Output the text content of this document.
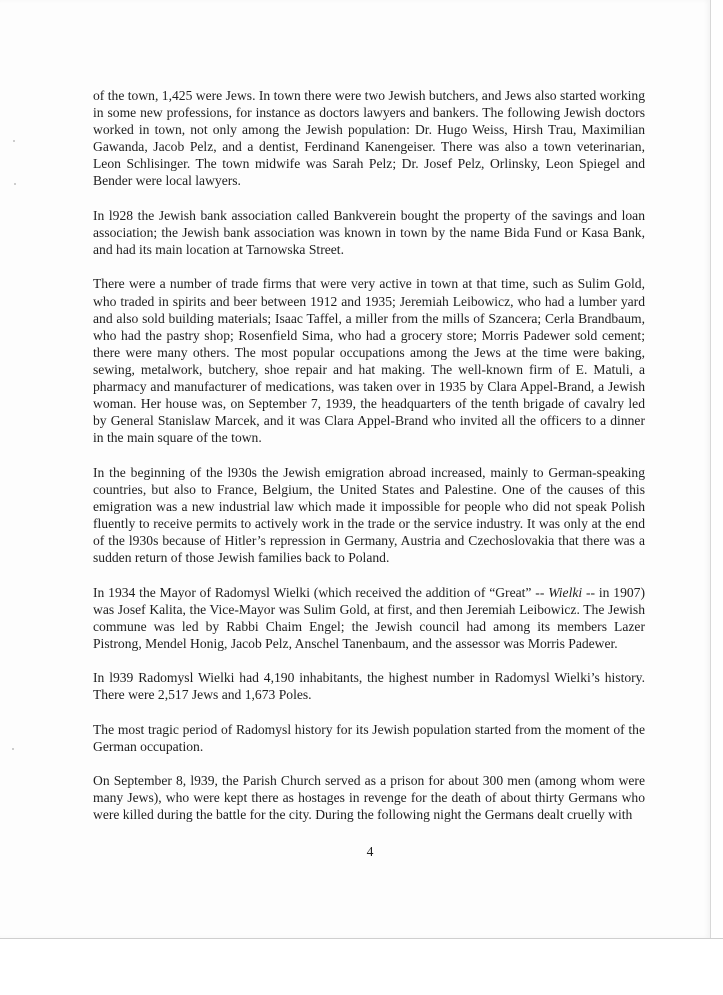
of the town, 1,425 were Jews. In town there were two Jewish butchers, and Jews also started working in some new professions, for instance as doctors lawyers and bankers. The following Jewish doctors worked in town, not only among the Jewish population: Dr. Hugo Weiss, Hirsh Trau, Maximilian Gawanda, Jacob Pelz, and a dentist, Ferdinand Kanengeiser. There was also a town veterinarian, Leon Schlisinger. The town midwife was Sarah Pelz; Dr. Josef Pelz, Orlinsky, Leon Spiegel and Bender were local lawyers.

In l928 the Jewish bank association called Bankverein bought the property of the savings and loan association; the Jewish bank association was known in town by the name Bida Fund or Kasa Bank, and had its main location at Tarnowska Street.

There were a number of trade firms that were very active in town at that time, such as Sulim Gold, who traded in spirits and beer between 1912 and 1935; Jeremiah Leibowicz, who had a lumber yard and also sold building materials; Isaac Taffel, a miller from the mills of Szancera; Cerla Brandbaum, who had the pastry shop; Rosenfield Sima, who had a grocery store; Morris Padewer sold cement; there were many others. The most popular occupations among the Jews at the time were baking, sewing, metalwork, butchery, shoe repair and hat making. The well-known firm of E. Matuli, a pharmacy and manufacturer of medications, was taken over in 1935 by Clara Appel-Brand, a Jewish woman. Her house was, on September 7, 1939, the headquarters of the tenth brigade of cavalry led by General Stanislaw Marcek, and it was Clara Appel-Brand who invited all the officers to a dinner in the main square of the town.

In the beginning of the l930s the Jewish emigration abroad increased, mainly to German-speaking countries, but also to France, Belgium, the United States and Palestine. One of the causes of this emigration was a new industrial law which made it impossible for people who did not speak Polish fluently to receive permits to actively work in the trade or the service industry. It was only at the end of the l930s because of Hitler’s repression in Germany, Austria and Czechoslovakia that there was a sudden return of those Jewish families back to Poland.

In 1934 the Mayor of Radomysl Wielki (which received the addition of “Great” -- Wielki -- in 1907) was Josef Kalita, the Vice-Mayor was Sulim Gold, at first, and then Jeremiah Leibowicz. The Jewish commune was led by Rabbi Chaim Engel; the Jewish council had among its members Lazer Pistrong, Mendel Honig, Jacob Pelz, Anschel Tanenbaum, and the assessor was Morris Padewer.

In l939 Radomysl Wielki had 4,190 inhabitants, the highest number in Radomysl Wielki’s history. There were 2,517 Jews and 1,673 Poles.

The most tragic period of Radomysl history for its Jewish population started from the moment of the German occupation.

On September 8, l939, the Parish Church served as a prison for about 300 men (among whom were many Jews), who were kept there as hostages in revenge for the death of about thirty Germans who were killed during the battle for the city. During the following night the Germans dealt cruelly with

4
